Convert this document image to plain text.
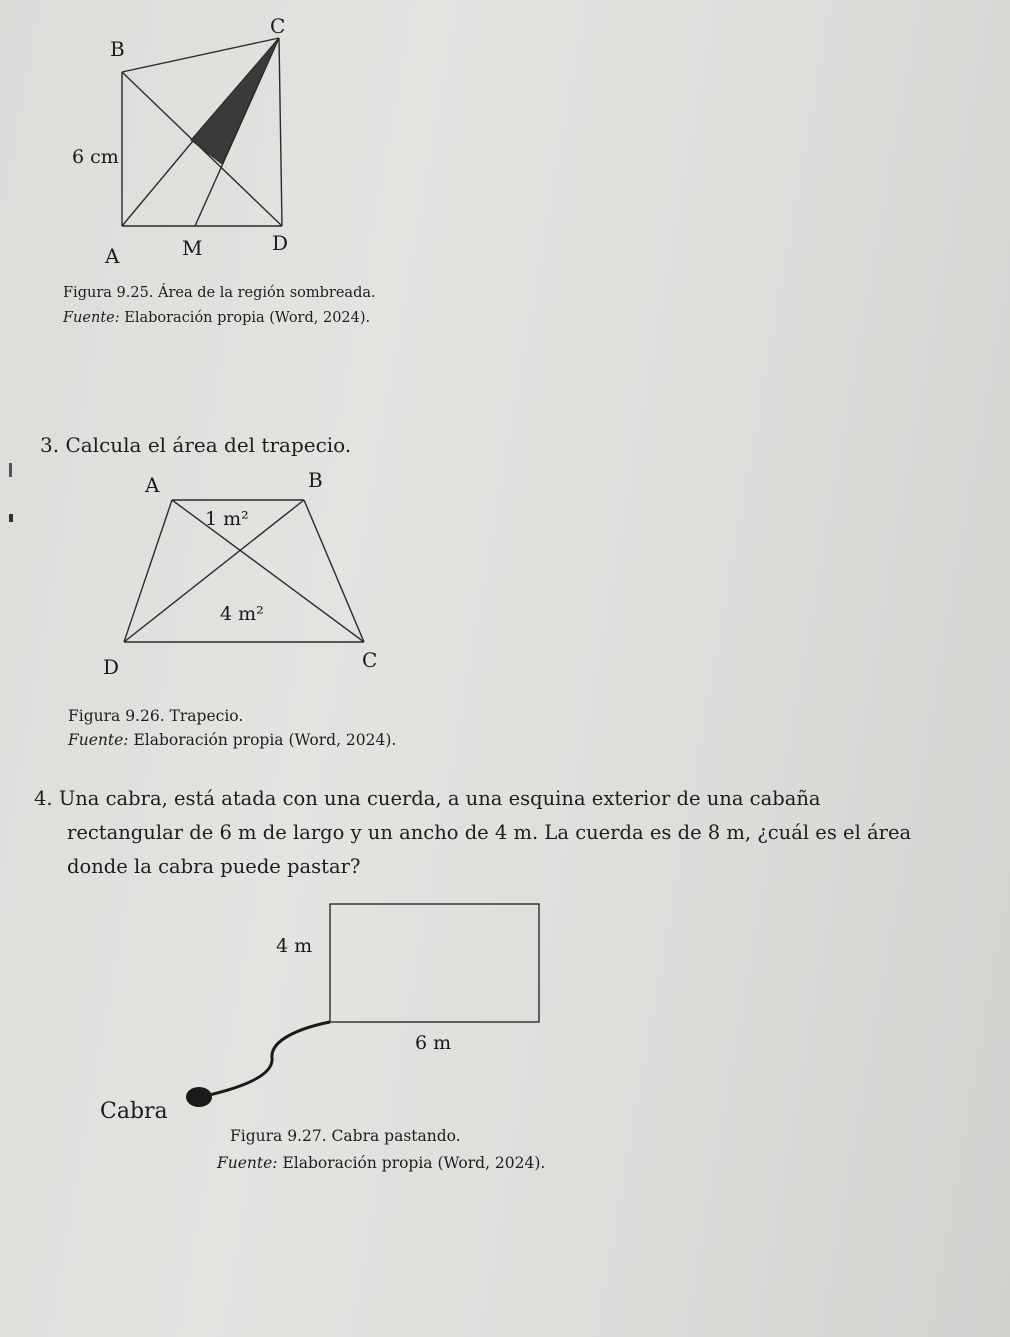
C
B
6 cm
A	M	D
Figura 9.25. Área de la región sombreada.
Fuente: Elaboración propia (Word, 2024).
3. Calcula el área del trapecio.
A	B
D	C
1 m²
4 m²
Figura 9.26. Trapecio.
Fuente: Elaboración propia (Word, 2024).
4. Una cabra, está atada con una cuerda, a una esquina exterior de una cabaña
rectangular de 6 m de largo y un ancho de 4 m. La cuerda es de 8 m, ¿cuál es el área
donde la cabra puede pastar?
4 m
6 m
Cabra
Figura 9.27. Cabra pastando.
Fuente: Elaboración propia (Word, 2024).
